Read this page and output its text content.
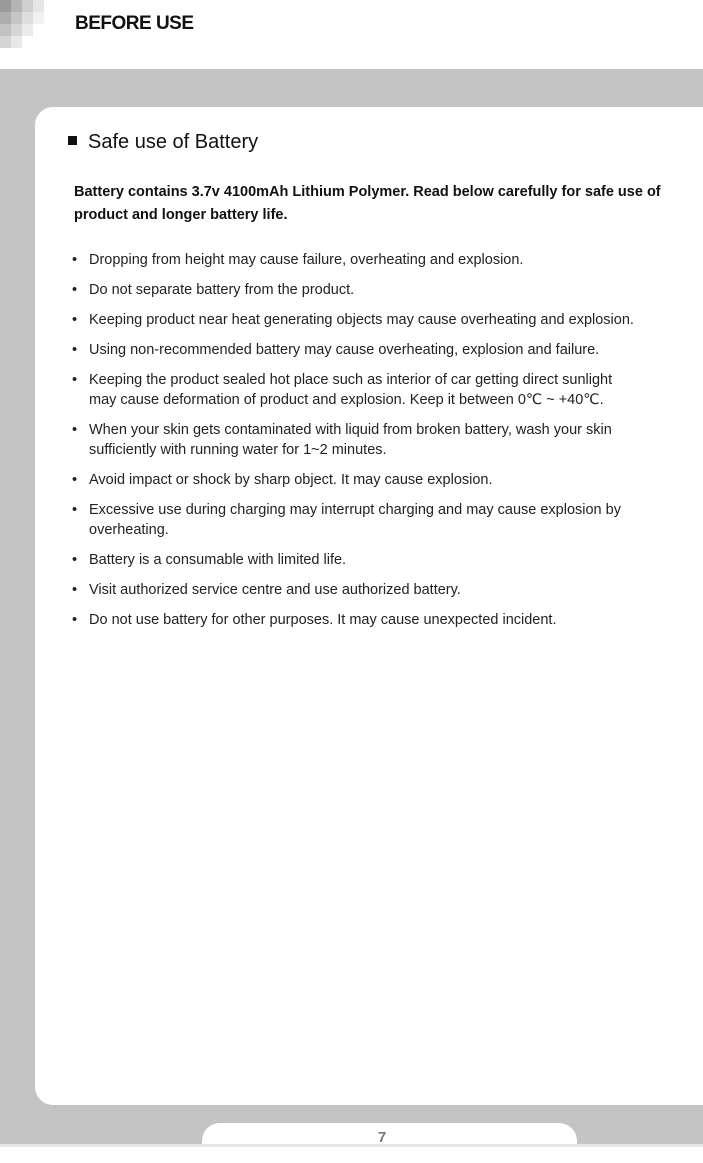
BEFORE USE
7
Safe use of Battery
Battery contains 3.7v 4100mAh Lithium Polymer. Read below carefully for safe use of
product and longer battery life.
• Dropping from height may cause failure, overheating and explosion.
• Do not separate battery from the product.
• Keeping product near heat generating objects may cause overheating and explosion.
• Using non-recommended battery may cause overheating, explosion and failure.
• Keeping the product sealed hot place such as interior of car getting direct sunlight
may cause deformation of product and explosion. Keep it between 0℃ ~ +40℃.
• When your skin gets contaminated with liquid from broken battery, wash your skin
sufficiently with running water for 1~2 minutes.
• Avoid impact or shock by sharp object. It may cause explosion.
• Excessive use during charging may interrupt charging and may cause explosion by
overheating.
• Battery is a consumable with limited life.
• Visit authorized service centre and use authorized battery.
• Do not use battery for other purposes. It may cause unexpected incident.
